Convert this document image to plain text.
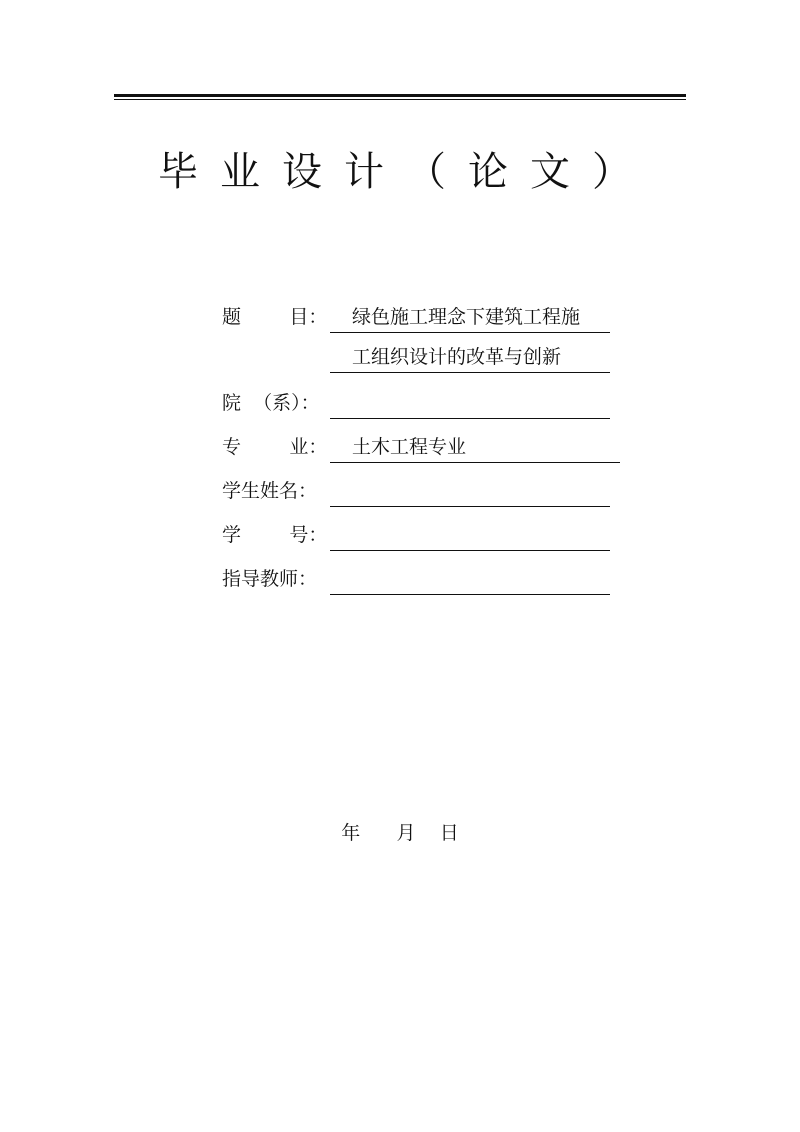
毕业设计（论文）
题        目：	绿色施工理念下建筑工程施
工组织设计的改革与创新
院  （系）：
专        业：	土木工程专业
学生姓名：
学        号：
指导教师：
年 月 日
